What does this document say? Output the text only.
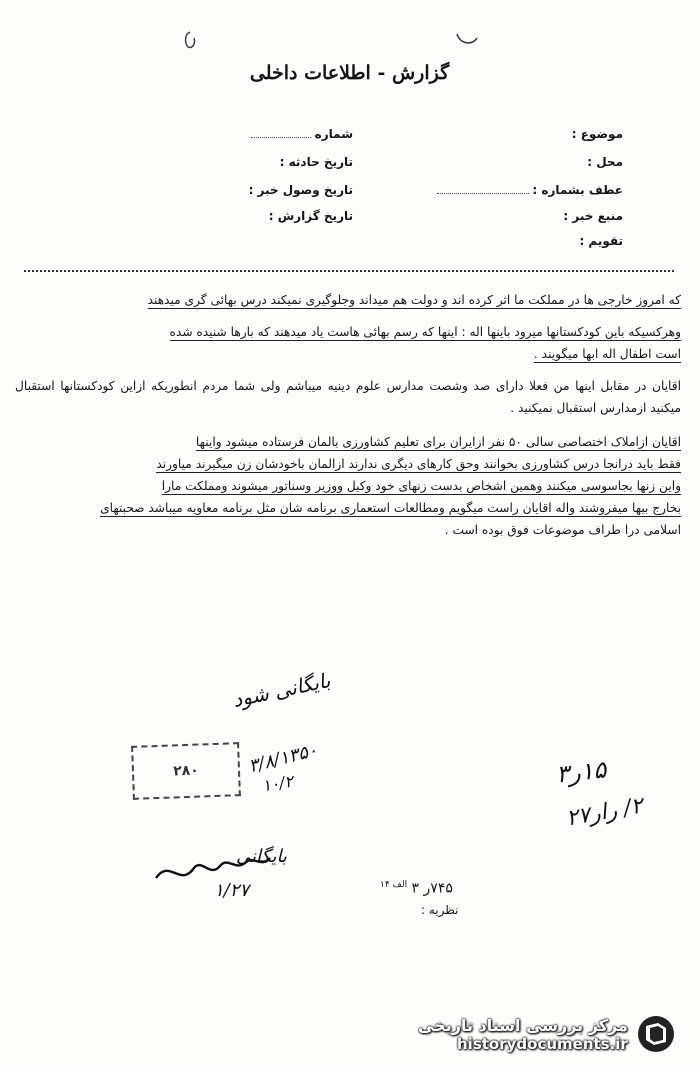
گزارش - اطلاعات داخلی
موضوع :
محل :
عطف بشماره :
منبع خبر :
تقویم :
شماره
تاریخ حادثه :
تاریخ وصول خبر :
تاریخ گزارش :

که امروز خارجی ها در مملکت ما اثر کرده اند و دولت هم میداند وجلوگیری نمیکند درس بهائی گری میدهند

وهرکسیکه باین کودکستانها میرود باینها اله : اینها که رسم بهائی هاست یاد میدهند که بارها شنیده شده
است اطفال اله ابها میگویند .

اقایان در مقابل اینها من فعلا دارای صد وشصت مدارس علوم دینیه میباشم ولی شما مردم انطوریکه ازاین کودکستانها استقبال میکنید ازمدارس استقبال نمیکنید .

اقایان ازاملاک اختصاصی سالی ۵۰ نفر ازایران برای تعلیم کشاورزی بالمان فرستاده میشود واینها
فقط باید درانجا درس کشاورزی بخوانند وحق کارهای دیگری ندارند ازالمان باخودشان زن میگیرند میاورند
واین زنها بجاسوسی میکنند وهمین اشخاص بدست زنهای خود وکیل ووزیر وسناتور میشوند ومملکت مارا
بخارج بیها میفروشند واله اقایان راست میگویم ومطالعات استعماری برنامه شان مثل برنامه معاویه میباشد صحبتهای
اسلامی درا طراف موضوعات فوق بوده است .

بایگانی شود
۲۸۰	۳/۸/۱۳۵۰
۱۰/۲	۱۵ر۳
۲/ رار۲۷
بایگانی
۱/۲۷	۷۴۵ر ۳ $^{الف ۱۴}$
نظریه :
مرکز بررسی اسناد تاریخی
historydocuments.ir
